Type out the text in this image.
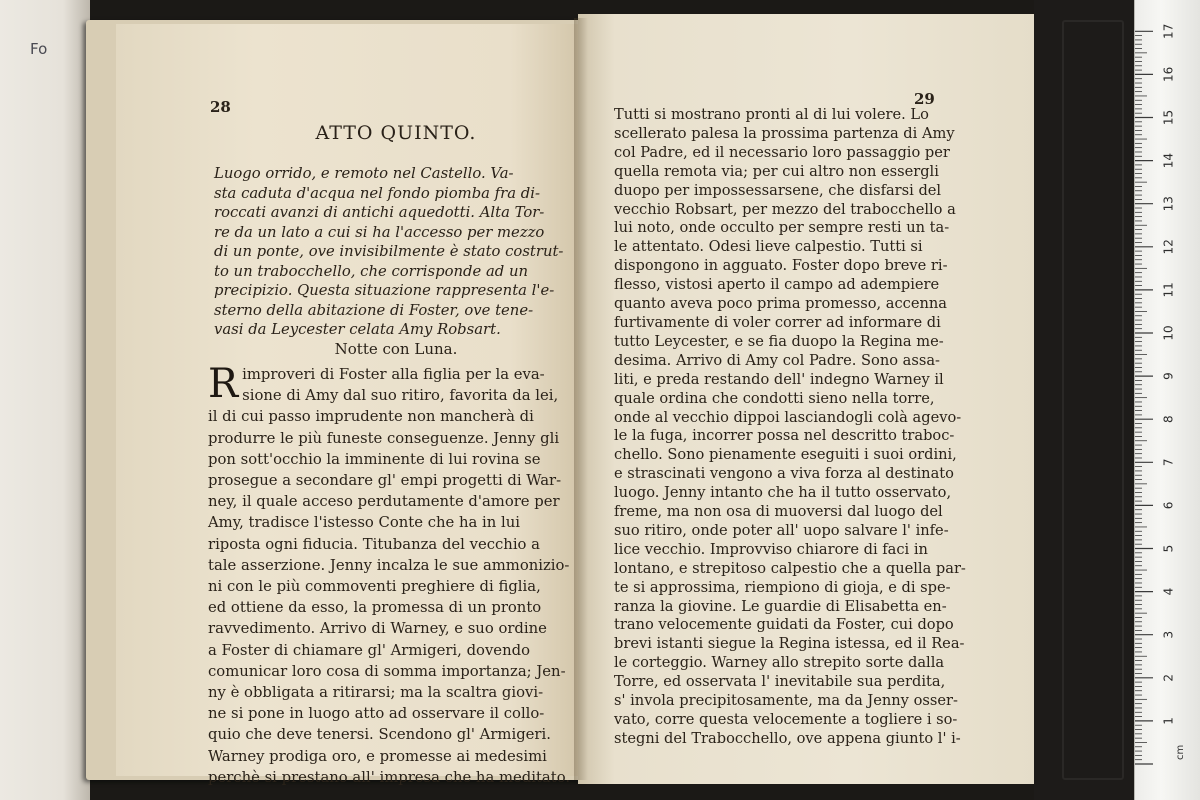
Fo
28
ATTO QUINTO.
Luogo orrido, e remoto nel Castello. Va-
sta caduta d'acqua nel fondo piomba fra di-
roccati avanzi di antichi aquedotti. Alta Tor-
re da un lato a cui si ha l'accesso per mezzo
di un ponte, ove invisibilmente è stato costrut-
to un trabocchello, che corrisponde ad un
precipizio. Questa situazione rappresenta l'e-
sterno della abitazione di Foster, ove tene-
vasi da Leycester celata Amy Robsart.
Notte con Luna.
R improveri di Foster alla figlia per la eva-
sione di Amy dal suo ritiro, favorita da lei,
il di cui passo imprudente non mancherà di
produrre le più funeste conseguenze. Jenny gli
pon sott'occhio la imminente di lui rovina se
prosegue a secondare gl' empi progetti di War-
ney, il quale acceso perdutamente d'amore per
Amy, tradisce l'istesso Conte che ha in lui
riposta ogni fiducia. Titubanza del vecchio a
tale asserzione. Jenny incalza le sue ammonizio-
ni con le più commoventi preghiere di figlia,
ed ottiene da esso, la promessa di un pronto
ravvedimento. Arrivo di Warney, e suo ordine
a Foster di chiamare gl' Armigeri, dovendo
comunicar loro cosa di somma importanza; Jen-
ny è obbligata a ritirarsi; ma la scaltra giovi-
ne si pone in luogo atto ad osservare il collo-
quio che deve tenersi. Scendono gl' Armigeri.
Warney prodiga oro, e promesse ai medesimi
perchè si prestano all' impresa che ha meditato.
29
Tutti si mostrano pronti al di lui volere. Lo
scellerato palesa la prossima partenza di Amy
col Padre, ed il necessario loro passaggio per
quella remota via; per cui altro non essergli
duopo per impossessarsene, che disfarsi del
vecchio Robsart, per mezzo del trabocchello a
lui noto, onde occulto per sempre resti un ta-
le attentato. Odesi lieve calpestio. Tutti si
dispongono in agguato. Foster dopo breve ri-
flesso, vistosi aperto il campo ad adempiere
quanto aveva poco prima promesso, accenna
furtivamente di voler correr ad informare di
tutto Leycester, e se fia duopo la Regina me-
desima. Arrivo di Amy col Padre. Sono assa-
liti, e preda restando dell' indegno Warney il
quale ordina che condotti sieno nella torre,
onde al vecchio dippoi lasciandogli colà agevo-
le la fuga, incorrer possa nel descritto traboc-
chello. Sono pienamente eseguiti i suoi ordini,
e strascinati vengono a viva forza al destinato
luogo. Jenny intanto che ha il tutto osservato,
freme, ma non osa di muoversi dal luogo del
suo ritiro, onde poter all' uopo salvare l' infe-
lice vecchio. Improvviso chiarore di faci in
lontano, e strepitoso calpestio che a quella par-
te si approssima, riempiono di gioja, e di spe-
ranza la giovine. Le guardie di Elisabetta en-
trano velocemente guidati da Foster, cui dopo
brevi istanti siegue la Regina istessa, ed il Rea-
le corteggio. Warney allo strepito sorte dalla
Torre, ed osservata l' inevitabile sua perdita,
s' invola precipitosamente, ma da Jenny osser-
vato, corre questa velocemente a togliere i so-
stegni del Trabocchello, ove appena giunto l' i-
1
2
3
4
5
6
7
8
9
10
11
12
13
14
15
16
17
cm
